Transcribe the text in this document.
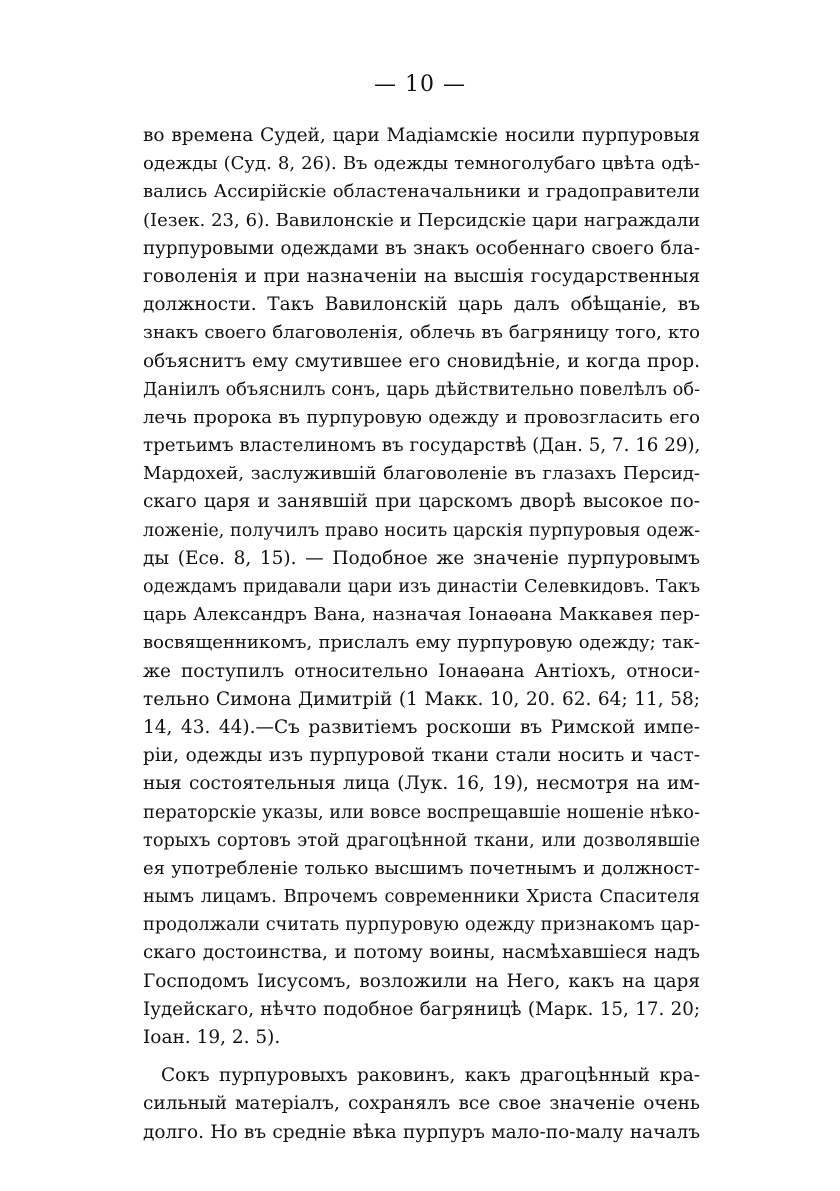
— 10 —
во времена Судей, цари Мадіамскіе носили пурпуровыя
одежды (Суд. 8, 26). Въ одежды темноголубаго цвѣта одѣ-
вались Ассирійскіе областеначальники и градоправители
(Іезек. 23, 6). Вавилонскіе и Персидскіе цари награждали
пурпуровыми одеждами въ знакъ особеннаго своего бла-
говоленія и при назначеніи на высшія государственныя
должности. Такъ Вавилонскій царь далъ обѣщаніе, въ
знакъ своего благоволенія, облечь въ багряницу того, кто
объяснитъ ему смутившее его сновидѣніе, и когда прор.
Даніилъ объяснилъ сонъ, царь дѣйствительно повелѣлъ об-
лечь пророка въ пурпуровую одежду и провозгласить его
третьимъ властелиномъ въ государствѣ (Дан. 5, 7. 16 29),
Мардохей, заслужившій благоволеніе въ глазахъ Персид-
скаго царя и занявшій при царскомъ дворѣ высокое по-
ложеніе, получилъ право носить царскія пурпуровыя одеж-
ды (Есѳ. 8, 15). — Подобное же значеніе пурпуровымъ
одеждамъ придавали цари изъ династіи Селевкидовъ. Такъ
царь Александръ Вана, назначая Іонаѳана Маккавея пер-
восвященникомъ, прислалъ ему пурпуровую одежду; так-
же поступилъ относительно Іонаѳана Антіохъ, относи-
тельно Симона Димитрій (1 Макк. 10, 20. 62. 64; 11, 58;
14, 43. 44).—Съ развитіемъ роскоши въ Римской импе-
ріи, одежды изъ пурпуровой ткани стали носить и част-
ныя состоятельныя лица (Лук. 16, 19), несмотря на им-
ператорскіе указы, или вовсе воспрещавшіе ношеніе нѣко-
торыхъ сортовъ этой драгоцѣнной ткани, или дозволявшіе
ея употребленіе только высшимъ почетнымъ и должност-
нымъ лицамъ. Впрочемъ современники Христа Спасителя
продолжали считать пурпуровую одежду признакомъ цар-
скаго достоинства, и потому воины, насмѣхавшіеся надъ
Господомъ Іисусомъ, возложили на Него, какъ на царя
Іудейскаго, нѣчто подобное багряницѣ (Марк. 15, 17. 20;
Іоан. 19, 2. 5).
Сокъ пурпуровыхъ раковинъ, какъ драгоцѣнный кра-
сильный матеріалъ, сохранялъ все свое значеніе очень
долго. Но въ средніе вѣка пурпуръ мало-по-малу началъ
